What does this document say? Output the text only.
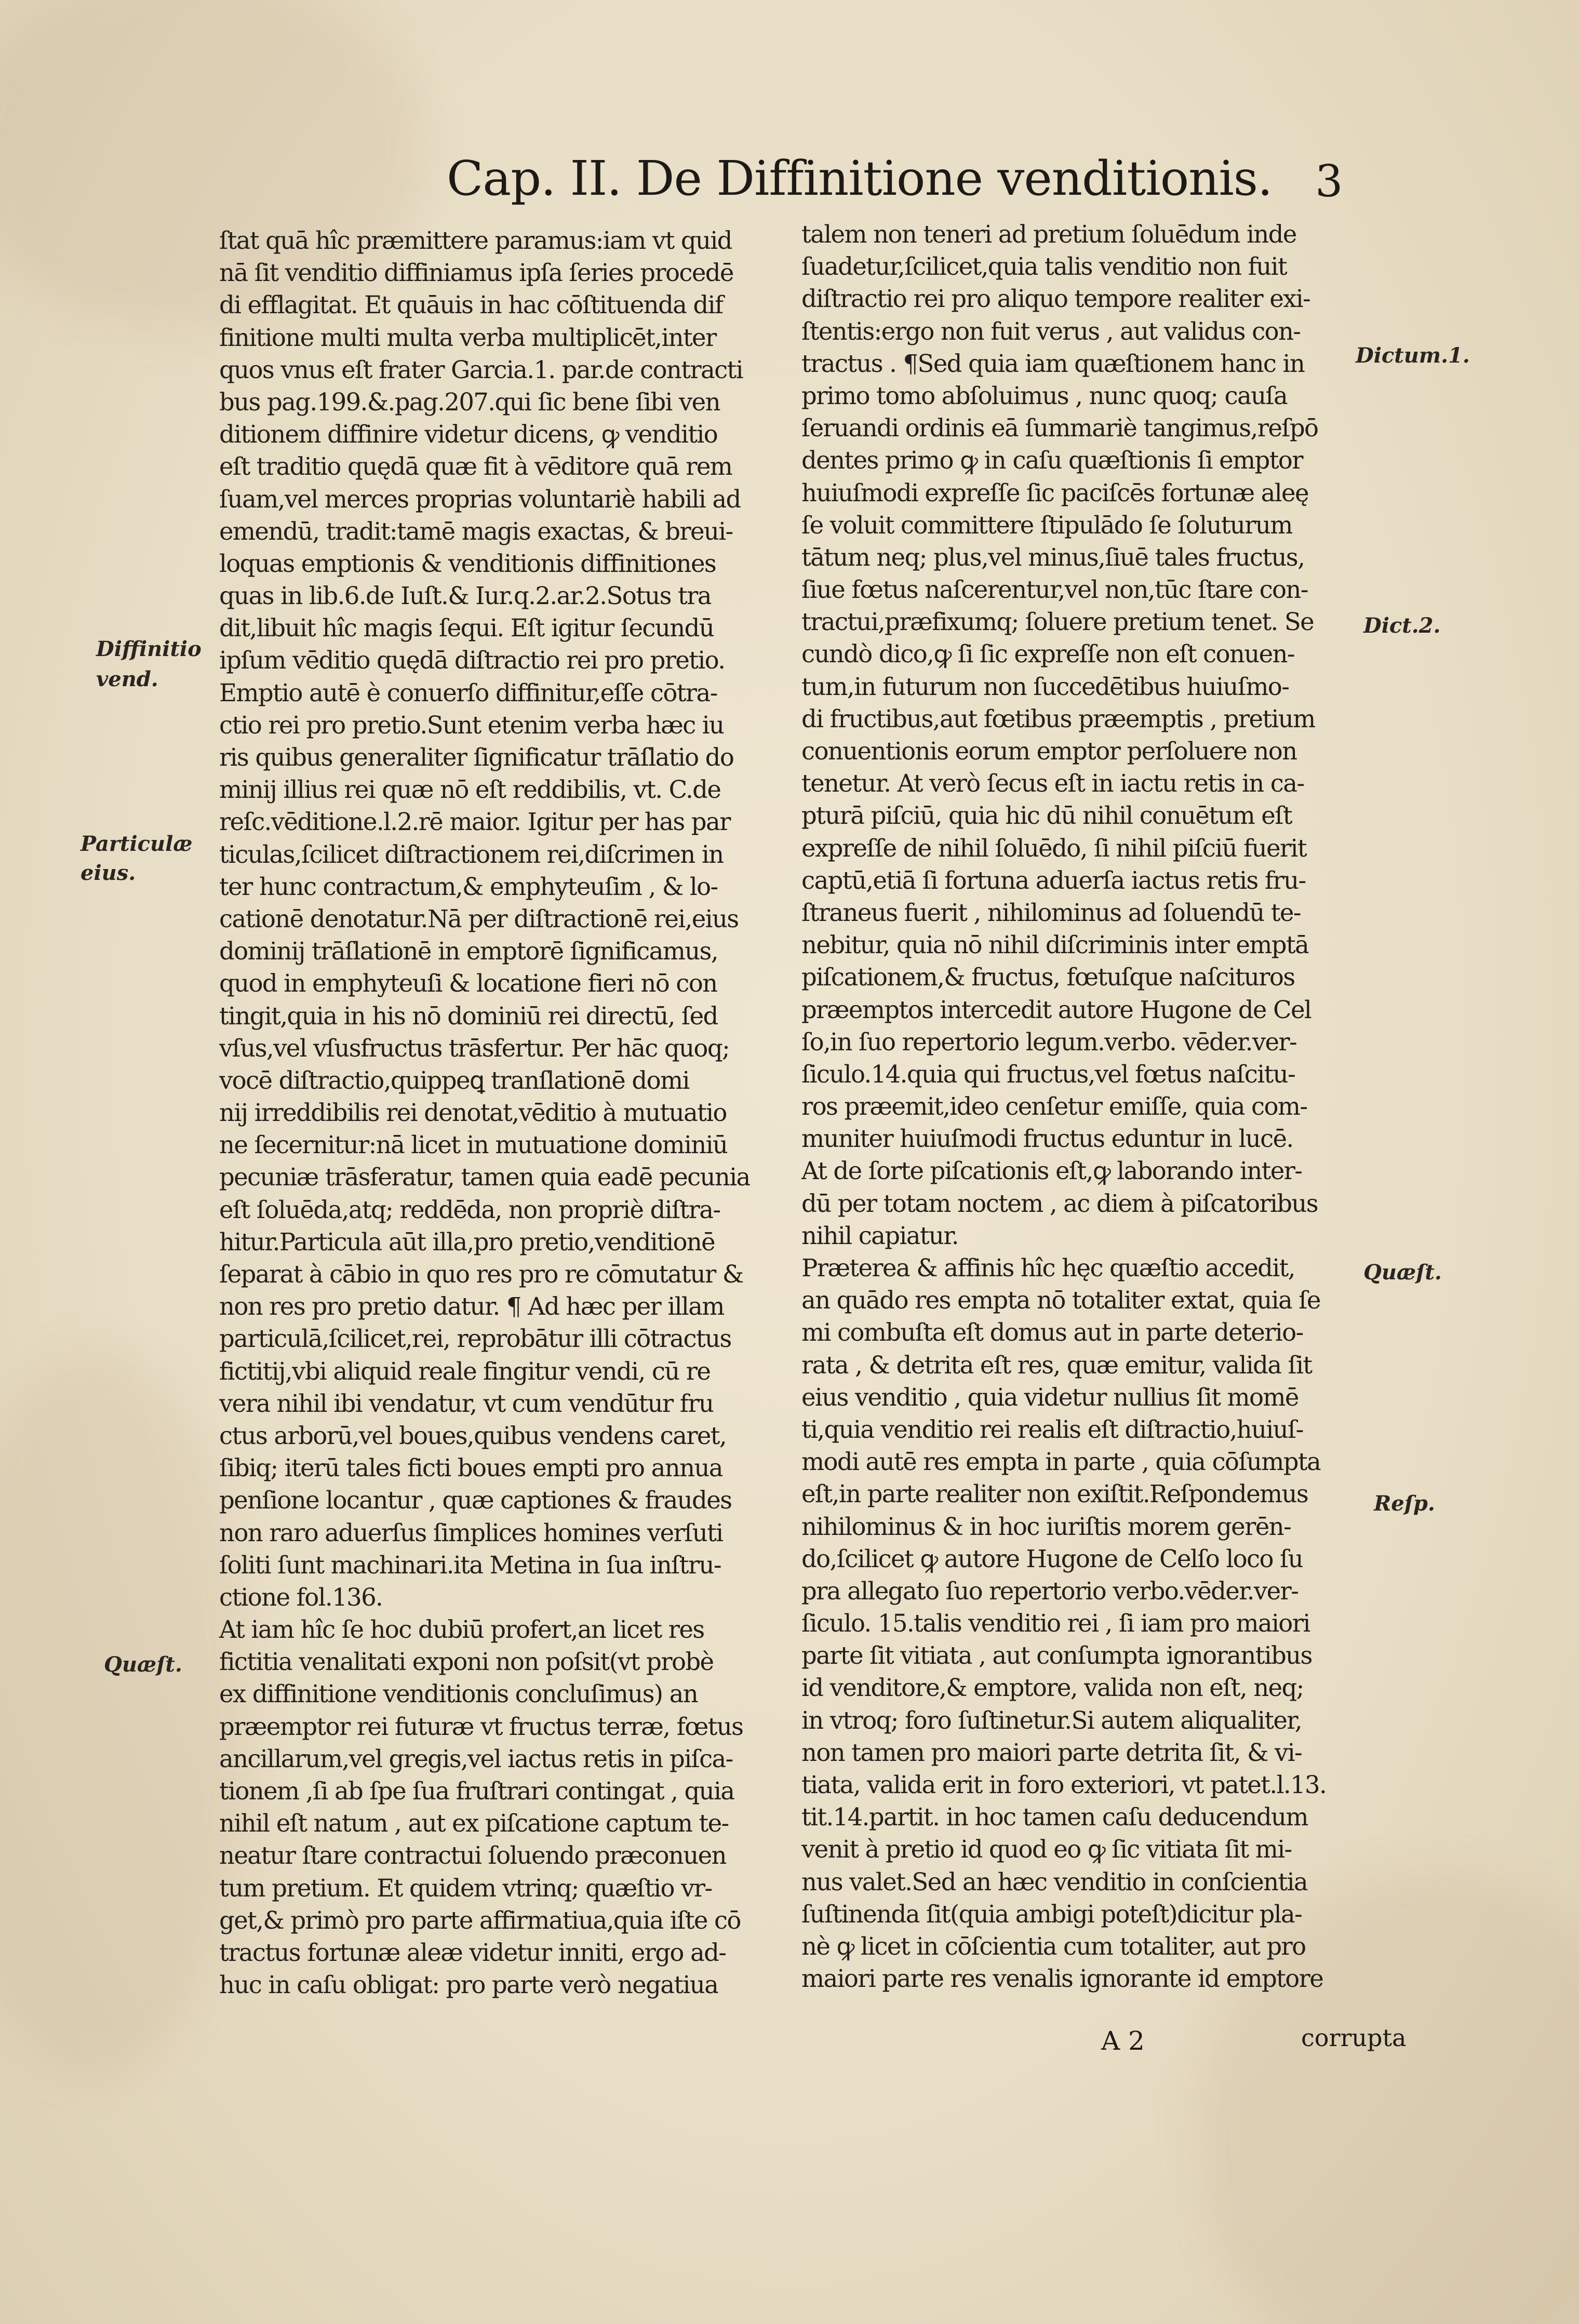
Cap. II. De Diffinitione venditionis. 3
ſtat quā hîc præmittere paramus:iam vt quid
nā ſit venditio diffiniamus ipſa ſeries procedē
di efflagitat. Et quāuis in hac cōſtituenda dif
finitione multi multa verba multiplicēt,inter
quos vnus eſt frater Garcia.1. par.de contracti
bus pag.199.&.pag.207.qui ſic bene ſibi ven
ditionem diffinire videtur dicens, ꝙ venditio
eſt traditio quędā quæ fit à vēditore quā rem
ſuam,vel merces proprias voluntariè habili ad
emendū, tradit:tamē magis exactas, & breui-
loquas emptionis & venditionis diffinitiones
quas in lib.6.de Iuſt.& Iur.q.2.ar.2.Sotus tra
dit,libuit hîc magis ſequi. Eſt igitur ſecundū
ipſum vēditio quędā diſtractio rei pro pretio.
Emptio autē è conuerſo diffinitur,eſſe cōtra-
ctio rei pro pretio.Sunt etenim verba hæc iu
ris quibus generaliter ſignificatur trāſlatio do
minij illius rei quæ nō eſt reddibilis, vt. C.de
reſc.vēditione.l.2.rē maior. Igitur per has par
ticulas,ſcilicet diſtractionem rei,diſcrimen in
ter hunc contractum,& emphyteuſim , & lo-
cationē denotatur.Nā per diſtractionē rei,eius
dominij trāſlationē in emptorē ſignificamus,
quod in emphyteuſi & locatione fieri nō con
tingit,quia in his nō dominiū rei directū, ſed
vſus,vel vſusfructus trāsfertur. Per hāc quoq;
vocē diſtractio,quippeꝗ tranſlationē domi
nij irreddibilis rei denotat,vēditio à mutuatio
ne ſecernitur:nā licet in mutuatione dominiū
pecuniæ trāsferatur, tamen quia eadē pecunia
eſt ſoluēda,atq; reddēda, non propriè diſtra-
hitur.Particula aūt illa,pro pretio,venditionē
ſeparat à cābio in quo res pro re cōmutatur &
non res pro pretio datur. ¶ Ad hæc per illam
particulā,ſcilicet,rei, reprobātur illi cōtractus
fictitij,vbi aliquid reale fingitur vendi, cū re
vera nihil ibi vendatur, vt cum vendūtur fru
ctus arborū,vel boues,quibus vendens caret,
ſibiq; iterū tales ficti boues empti pro annua
penſione locantur , quæ captiones & fraudes
non raro aduerſus ſimplices homines verſuti
ſoliti ſunt machinari.ita Metina in ſua inſtru-
ctione fol.136.
At iam hîc ſe hoc dubiū profert,an licet res
fictitia venalitati exponi non poſsit(vt probè
ex diffinitione venditionis concluſimus) an
præemptor rei futuræ vt fructus terræ, fœtus
ancillarum,vel gregis,vel iactus retis in piſca-
tionem ,ſi ab ſpe ſua fruſtrari contingat , quia
nihil eſt natum , aut ex piſcatione captum te-
neatur ſtare contractui ſoluendo præconuen
tum pretium. Et quidem vtrinq; quæſtio vr-
get,& primò pro parte affirmatiua,quia iſte cō
tractus fortunæ aleæ videtur inniti, ergo ad-
huc in caſu obligat: pro parte verò negatiua
talem non teneri ad pretium ſoluēdum inde
ſuadetur,ſcilicet,quia talis venditio non fuit
diſtractio rei pro aliquo tempore realiter exi-
ſtentis:ergo non fuit verus , aut validus con-
tractus . ¶Sed quia iam quæſtionem hanc in
primo tomo abſoluimus , nunc quoq; cauſa
ſeruandi ordinis eā ſummariè tangimus,reſpō
dentes primo ꝙ in caſu quæſtionis ſi emptor
huiuſmodi expreſſe ſic paciſcēs fortunæ aleę
ſe voluit committere ſtipulādo ſe ſoluturum
tātum neq; plus,vel minus,ſiuē tales fructus,
ſiue fœtus naſcerentur,vel non,tūc ſtare con-
tractui,præfixumq; ſoluere pretium tenet. Se
cundò dico,ꝙ ſi ſic expreſſe non eſt conuen-
tum,in futurum non ſuccedētibus huiuſmo-
di fructibus,aut fœtibus præemptis , pretium
conuentionis eorum emptor perſoluere non
tenetur. At verò ſecus eſt in iactu retis in ca-
pturā piſciū, quia hic dū nihil conuētum eſt
expreſſe de nihil ſoluēdo, ſi nihil piſciū fuerit
captū,etiā ſi fortuna aduerſa iactus retis fru-
ſtraneus fuerit , nihilominus ad ſoluendū te-
nebitur, quia nō nihil diſcriminis inter emptā
piſcationem,& fructus, fœtuſque naſcituros
præemptos intercedit autore Hugone de Cel
ſo,in ſuo repertorio legum.verbo. vēder.ver-
ſiculo.14.quia qui fructus,vel fœtus naſcitu-
ros præemit,ideo cenſetur emiſſe, quia com-
muniter huiuſmodi fructus eduntur in lucē.
At de ſorte piſcationis eſt,ꝙ laborando inter-
dū per totam noctem , ac diem à piſcatoribus
nihil capiatur.
Præterea & affinis hîc hęc quæſtio accedit,
an quādo res empta nō totaliter extat, quia ſe
mi combuſta eſt domus aut in parte deterio-
rata , & detrita eſt res, quæ emitur, valida ſit
eius venditio , quia videtur nullius ſit momē
ti,quia venditio rei realis eſt diſtractio,huiuſ-
modi autē res empta in parte , quia cōſumpta
eſt,in parte realiter non exiſtit.Reſpondemus
nihilominus & in hoc iuriſtis morem gerēn-
do,ſcilicet ꝙ autore Hugone de Celſo loco ſu
pra allegato ſuo repertorio verbo.vēder.ver-
ſiculo. 15.talis venditio rei , ſi iam pro maiori
parte ſit vitiata , aut conſumpta ignorantibus
id venditore,& emptore, valida non eſt, neq;
in vtroq; foro ſuſtinetur.Si autem aliqualiter,
non tamen pro maiori parte detrita ſit, & vi-
tiata, valida erit in foro exteriori, vt patet.l.13.
tit.14.partit. in hoc tamen caſu deducendum
venit à pretio id quod eo ꝙ ſic vitiata ſit mi-
nus valet.Sed an hæc venditio in conſcientia
ſuſtinenda ſit(quia ambigi poteſt)dicitur pla-
nè ꝙ licet in cōſcientia cum totaliter, aut pro
maiori parte res venalis ignorante id emptore
Diffinitio
vend.
Particulæ
eius.
Quæſt.
Dictum.1.
Dict.2.
Quæſt.
Reſp.
A 2	corrupta
